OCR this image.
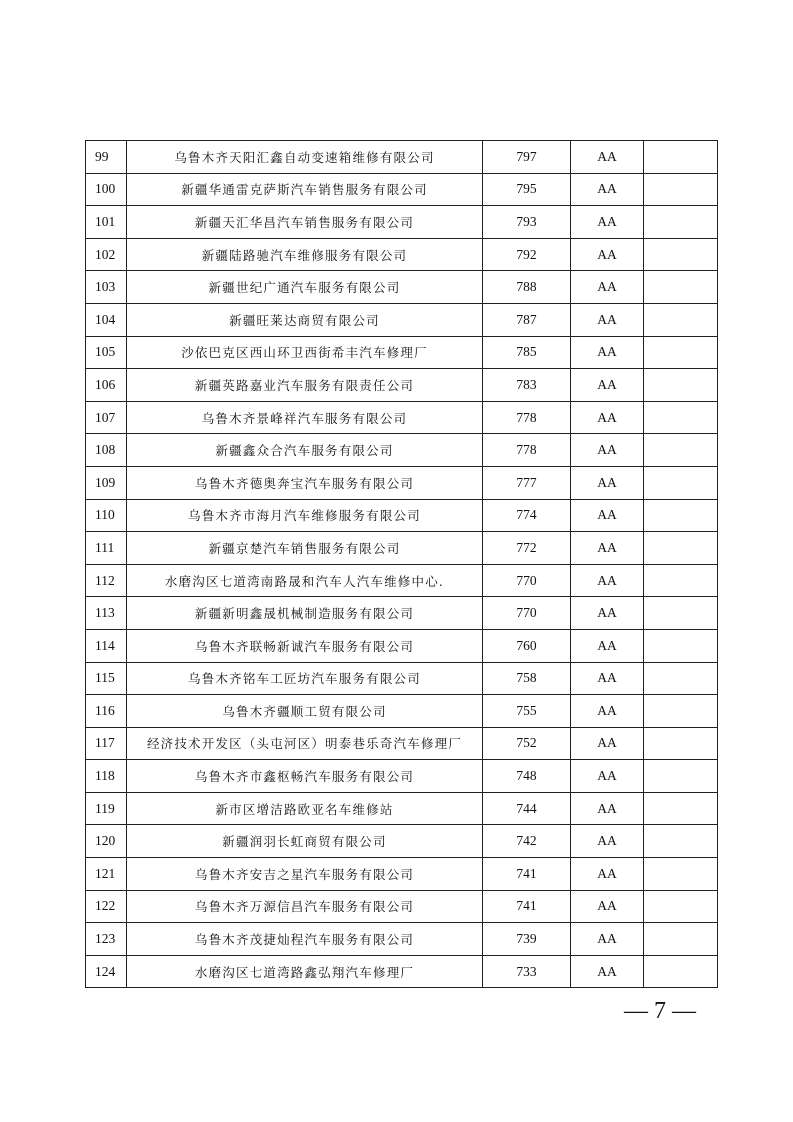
99	乌鲁木齐天阳汇鑫自动变速箱维修有限公司	797	AA	
100	新疆华通雷克萨斯汽车销售服务有限公司	795	AA	
101	新疆天汇华昌汽车销售服务有限公司	793	AA	
102	新疆陆路驰汽车维修服务有限公司	792	AA	
103	新疆世纪广通汽车服务有限公司	788	AA	
104	新疆旺莱达商贸有限公司	787	AA	
105	沙依巴克区西山环卫西街希丰汽车修理厂	785	AA	
106	新疆英路嘉业汽车服务有限责任公司	783	AA	
107	乌鲁木齐景峰祥汽车服务有限公司	778	AA	
108	新疆鑫众合汽车服务有限公司	778	AA	
109	乌鲁木齐德奥奔宝汽车服务有限公司	777	AA	
110	乌鲁木齐市海月汽车维修服务有限公司	774	AA	
111	新疆京楚汽车销售服务有限公司	772	AA	
112	水磨沟区七道湾南路晟和汽车人汽车维修中心.	770	AA	
113	新疆新明鑫晟机械制造服务有限公司	770	AA	
114	乌鲁木齐联畅新诚汽车服务有限公司	760	AA	
115	乌鲁木齐铭车工匠坊汽车服务有限公司	758	AA	
116	乌鲁木齐疆顺工贸有限公司	755	AA	
117	经济技术开发区（头屯河区）明泰巷乐奇汽车修理厂	752	AA	
118	乌鲁木齐市鑫枢畅汽车服务有限公司	748	AA	
119	新市区增洁路欧亚名车维修站	744	AA	
120	新疆润羽长虹商贸有限公司	742	AA	
121	乌鲁木齐安吉之星汽车服务有限公司	741	AA	
122	乌鲁木齐万源信昌汽车服务有限公司	741	AA	
123	乌鲁木齐茂捷灿程汽车服务有限公司	739	AA	
124	水磨沟区七道湾路鑫弘翔汽车修理厂	733	AA	
— 7 —
